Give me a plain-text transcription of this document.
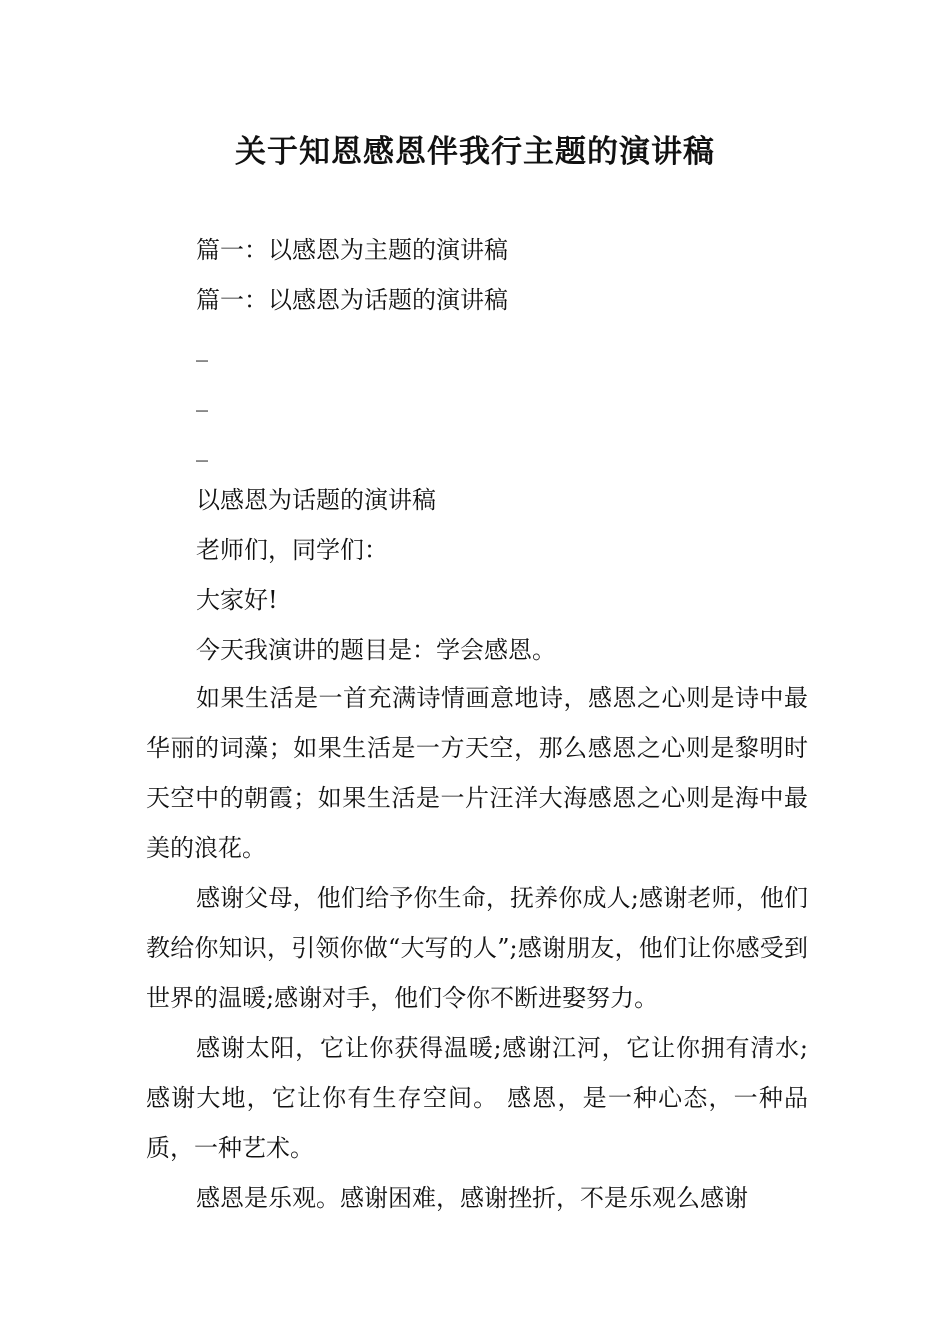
关于知恩感恩伴我行主题的演讲稿
篇一：以感恩为主题的演讲稿
篇一：以感恩为话题的演讲稿
_
_
_
以感恩为话题的演讲稿
老师们，同学们：
大家好!
今天我演讲的题目是：学会感恩。

如果生活是一首充满诗情画意地诗，感恩之心则是诗中最华丽的词藻；如果生活是一方天空，那么感恩之心则是黎明时天空中的朝霞；如果生活是一片汪洋大海感恩之心则是海中最美的浪花。

感谢父母，他们给予你生命，抚养你成人;感谢老师，他们教给你知识，引领你做“大写的人”;感谢朋友，他们让你感受到世界的温暖;感谢对手，他们令你不断进娶努力。

感谢太阳，它让你获得温暖;感谢江河，它让你拥有清水;感谢大地，它让你有生存空间。 感恩，是一种心态，一种品质，一种艺术。

感恩是乐观。感谢困难，感谢挫折，不是乐观么感谢
